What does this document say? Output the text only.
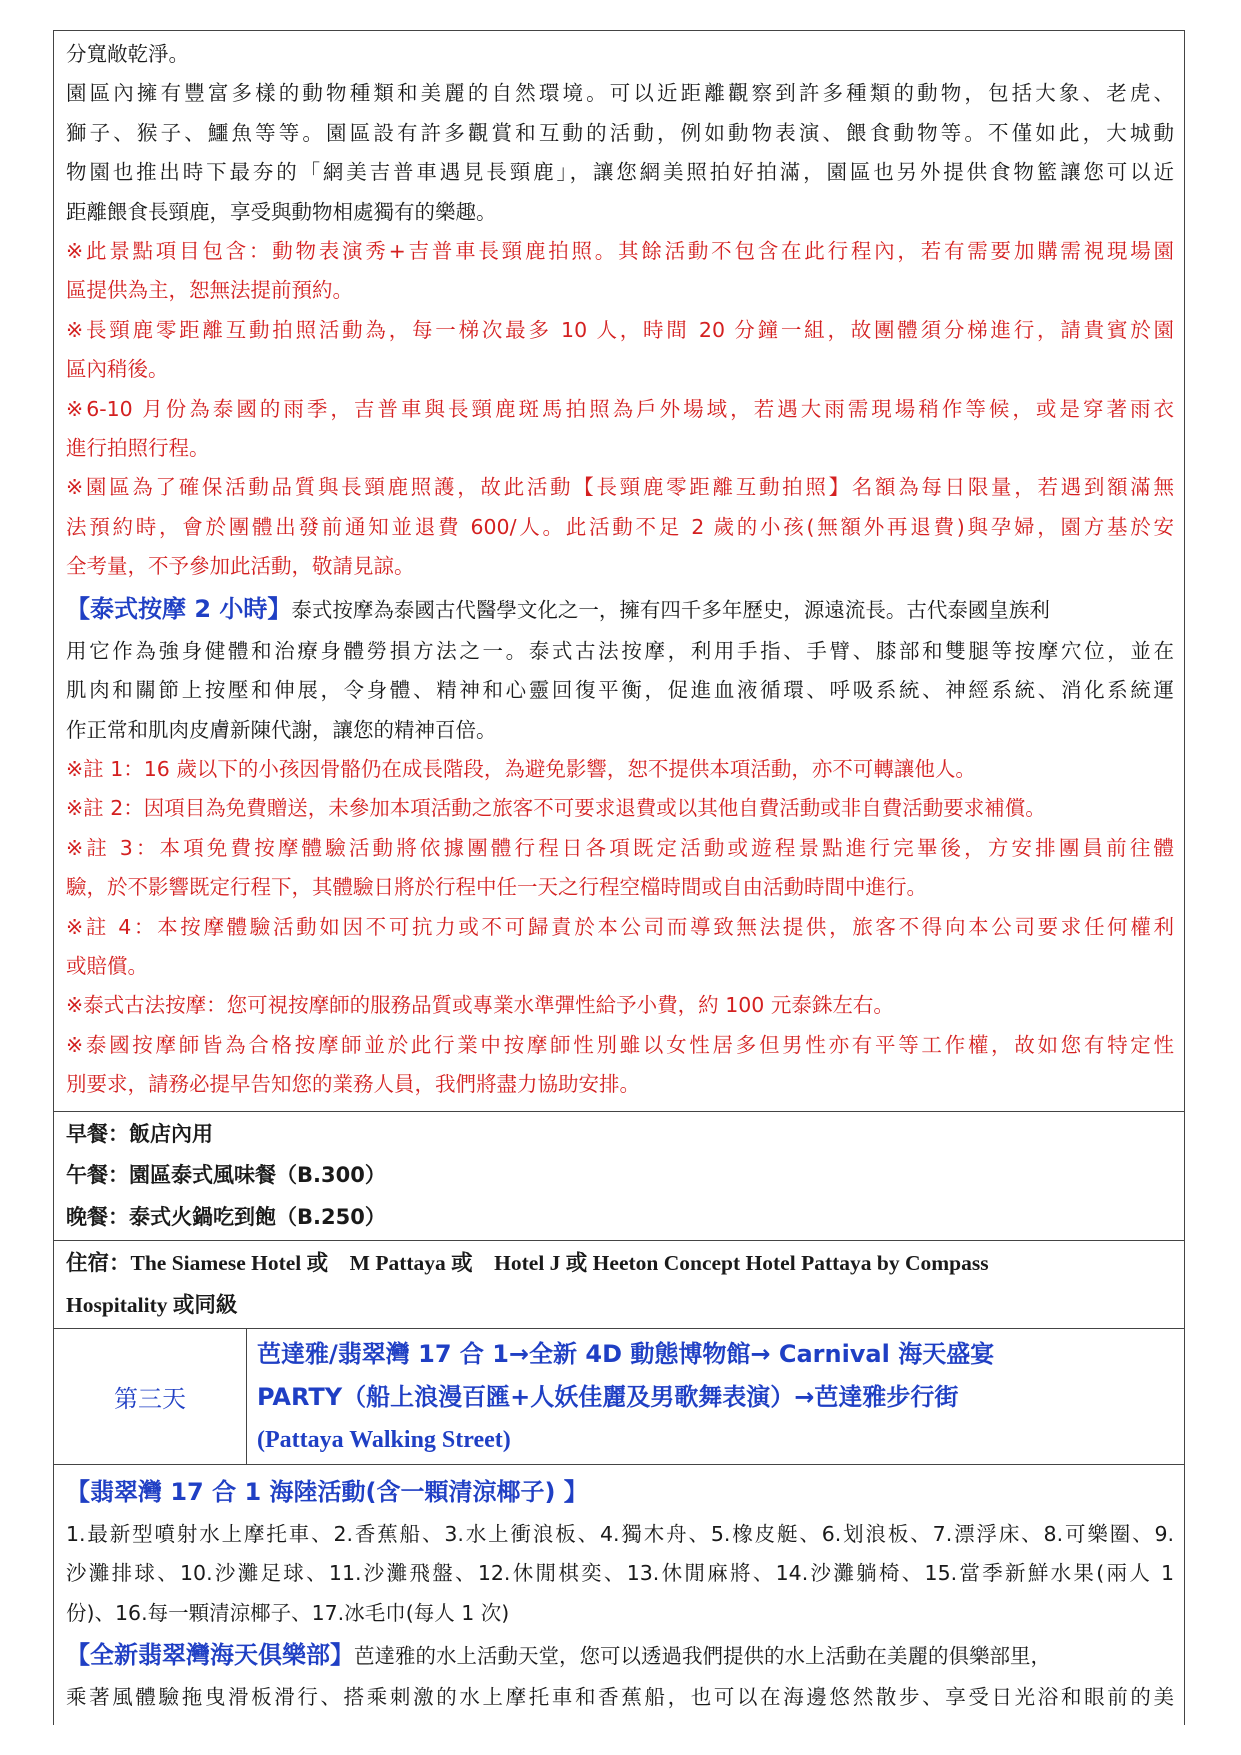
分寬敞乾淨。

園區內擁有豐富多樣的動物種類和美麗的自然環境。可以近距離觀察到許多種類的動物，包括大象、老虎、

獅子、猴子、鱷魚等等。園區設有許多觀賞和互動的活動，例如動物表演、餵食動物等。不僅如此，大城動

物園也推出時下最夯的「網美吉普車遇見長頸鹿」，讓您網美照拍好拍滿，園區也另外提供食物籃讓您可以近

距離餵食長頸鹿，享受與動物相處獨有的樂趣。

※此景點項目包含：動物表演秀+吉普車長頸鹿拍照。其餘活動不包含在此行程內，若有需要加購需視現場園

區提供為主，恕無法提前預約。

※長頸鹿零距離互動拍照活動為，每一梯次最多 10 人，時間 20 分鐘一組，故團體須分梯進行，請貴賓於園

區內稍後。

※6-10 月份為泰國的雨季，吉普車與長頸鹿斑馬拍照為戶外場域，若遇大雨需現場稍作等候，或是穿著雨衣

進行拍照行程。

※園區為了確保活動品質與長頸鹿照護，故此活動【長頸鹿零距離互動拍照】名額為每日限量，若遇到額滿無

法預約時，會於團體出發前通知並退費 600/人。此活動不足 2 歲的小孩(無額外再退費)與孕婦，園方基於安

全考量，不予參加此活動，敬請見諒。

【泰式按摩 2 小時】泰式按摩為泰國古代醫學文化之一，擁有四千多年歷史，源遠流長。古代泰國皇族利

用它作為強身健體和治療身體勞損方法之一。泰式古法按摩，利用手指、手臂、膝部和雙腿等按摩穴位，並在

肌肉和關節上按壓和伸展，令身體、精神和心靈回復平衡，促進血液循環、呼吸系統、神經系統、消化系統運

作正常和肌肉皮膚新陳代謝，讓您的精神百倍。

※註 1：16 歲以下的小孩因骨骼仍在成長階段，為避免影響，恕不提供本項活動，亦不可轉讓他人。

※註 2：因項目為免費贈送，未參加本項活動之旅客不可要求退費或以其他自費活動或非自費活動要求補償。

※註 3：本項免費按摩體驗活動將依據團體行程日各項既定活動或遊程景點進行完畢後，方安排團員前往體

驗，於不影響既定行程下，其體驗日將於行程中任一天之行程空檔時間或自由活動時間中進行。

※註 4：本按摩體驗活動如因不可抗力或不可歸責於本公司而導致無法提供，旅客不得向本公司要求任何權利

或賠償。

※泰式古法按摩：您可視按摩師的服務品質或專業水準彈性給予小費，約 100 元泰銖左右。

※泰國按摩師皆為合格按摩師並於此行業中按摩師性別雖以女性居多但男性亦有平等工作權，故如您有特定性

別要求，請務必提早告知您的業務人員，我們將盡力協助安排。

早餐：飯店內用

午餐：園區泰式風味餐（B.300）

晚餐：泰式火鍋吃到飽（B.250）

住宿：The Siamese Hotel 或　M Pattaya 或　Hotel J 或 Heeton Concept Hotel Pattaya by Compass

Hospitality 或同級

第三天
芭達雅/翡翠灣 17 合 1→全新 4D 動態博物館→ Carnival 海天盛宴
PARTY（船上浪漫百匯+人妖佳麗及男歌舞表演）→芭達雅步行街
(Pattaya Walking Street)

【翡翠灣 17 合 1 海陸活動(含一顆清涼椰子) 】

1.最新型噴射水上摩托車、2.香蕉船、3.水上衝浪板、4.獨木舟、5.橡皮艇、6.划浪板、7.漂浮床、8.可樂圈、9.

沙灘排球、10.沙灘足球、11.沙灘飛盤、12.休閒棋奕、13.休閒麻將、14.沙灘躺椅、15.當季新鮮水果(兩人 1

份)、16.每一顆清涼椰子、17.冰毛巾(每人 1 次)

【全新翡翠灣海天俱樂部】芭達雅的水上活動天堂，您可以透過我們提供的水上活動在美麗的俱樂部里，

乘著風體驗拖曳滑板滑行、搭乘刺激的水上摩托車和香蕉船，也可以在海邊悠然散步、享受日光浴和眼前的美
